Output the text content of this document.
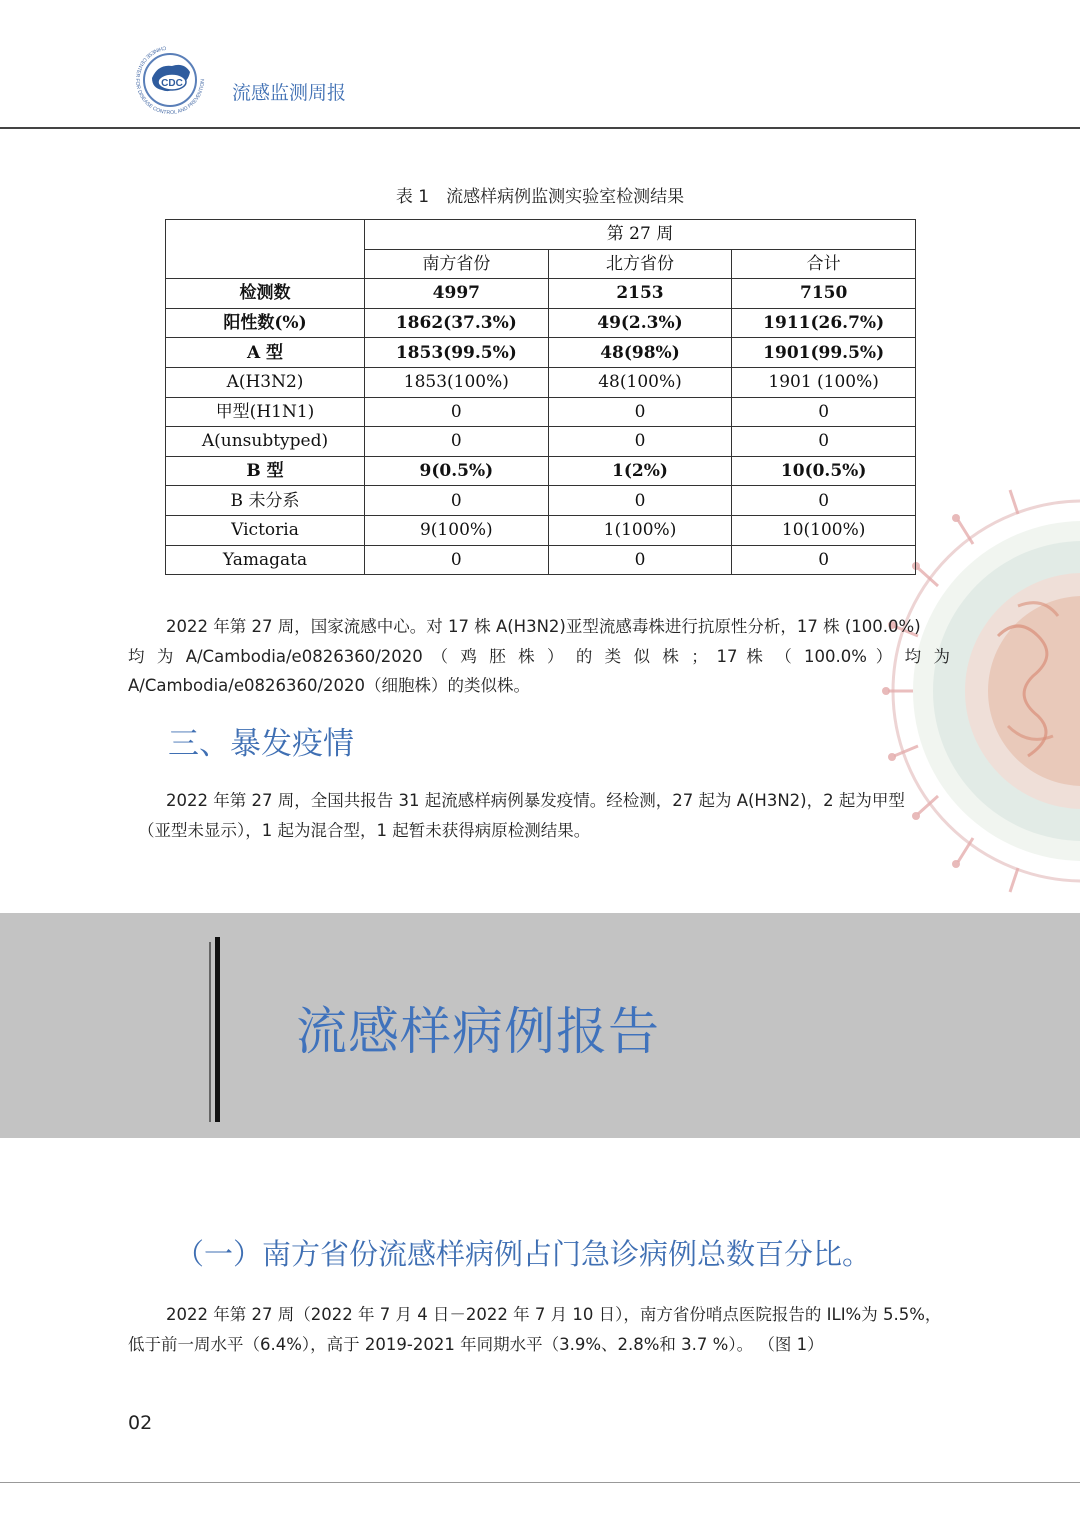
CDC
CHINESE CENTER FOR DISEASE CONTROL AND PREVENTION
流感监测周报
表 1　流感样病例监测实验室检测结果
	第 27 周		
	南方省份	北方省份	合计
检测数	4997	2153	7150
阳性数(%)	1862(37.3%)	49(2.3%)	1911(26.7%)
A 型	1853(99.5%)	48(98%)	1901(99.5%)
A(H3N2)	1853(100%)	48(100%)	1901 (100%)
甲型(H1N1)	0	0	0
A(unsubtyped)	0	0	0
B 型	9(0.5%)	1(2%)	10(0.5%)
B 未分系	0	0	0
Victoria	9(100%)	1(100%)	10(100%)
Yamagata	0	0	0
2022 年第 27 周，国家流感中心。对 17 株 A(H3N2)亚型流感毒株进行抗原性分析，17 株 (100.0%)
均 为 A/Cambodia/e0826360/2020 （ 鸡 胚 株 ） 的 类 似 株 ； 17 株 （ 100.0% ） 均 为
A/Cambodia/e0826360/2020（细胞株）的类似株。
三、暴发疫情
2022 年第 27 周，全国共报告 31 起流感样病例暴发疫情。经检测，27 起为 A(H3N2)，2 起为甲型
（亚型未显示），1 起为混合型，1 起暂未获得病原检测结果。
流感样病例报告
（一）南方省份流感样病例占门急诊病例总数百分比。
2022 年第 27 周（2022 年 7 月 4 日－2022 年 7 月 10 日），南方省份哨点医院报告的 ILI%为 5.5%，
低于前一周水平（6.4%），高于 2019-2021 年同期水平（3.9%、2.8%和 3.7 %）。 （图 1）
02
